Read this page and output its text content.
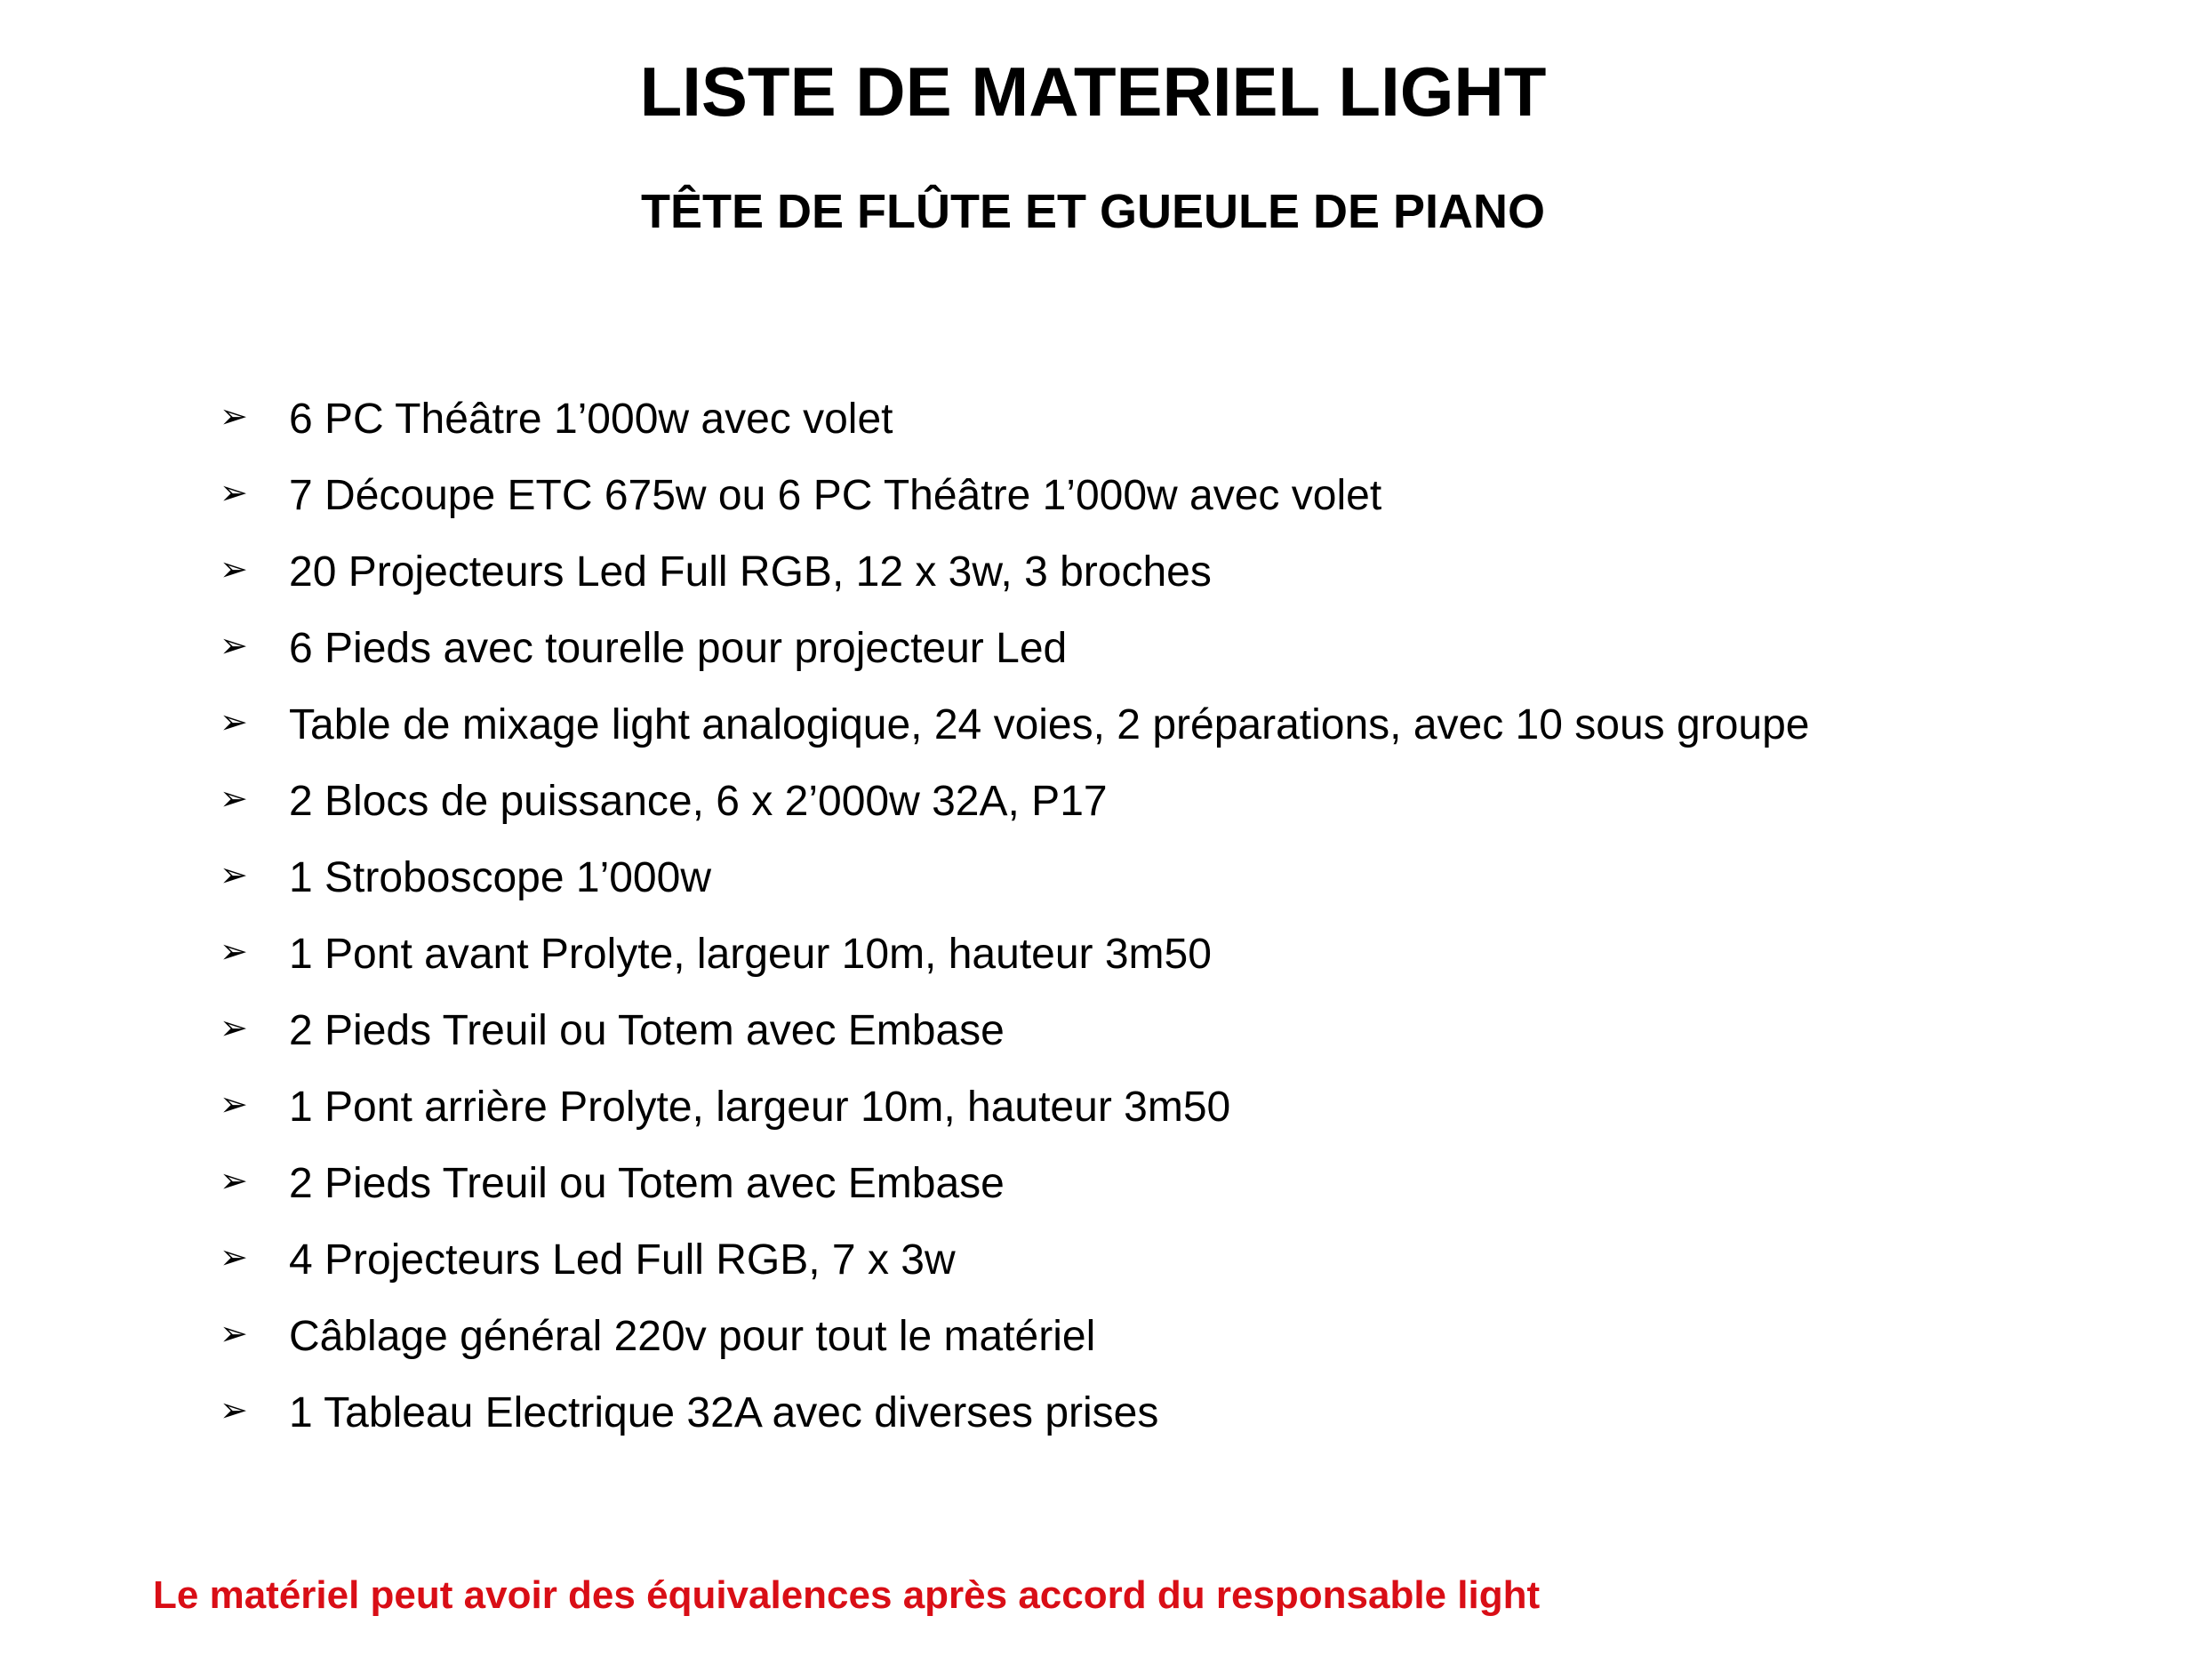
LISTE DE MATERIEL LIGHT
TÊTE DE FLÛTE ET GUEULE DE PIANO
➢ 6 PC Théâtre 1’000w avec volet
➢ 7 Découpe ETC 675w ou 6 PC Théâtre 1’000w avec volet
➢ 20 Projecteurs Led Full RGB, 12 x 3w, 3 broches
➢ 6 Pieds avec tourelle pour projecteur Led
➢ Table de mixage light analogique, 24 voies, 2 préparations, avec 10 sous groupe
➢ 2 Blocs de puissance, 6 x 2’000w 32A, P17
➢ 1 Stroboscope 1’000w
➢ 1 Pont avant Prolyte, largeur 10m, hauteur 3m50
➢ 2 Pieds Treuil ou Totem avec Embase
➢ 1 Pont arrière Prolyte, largeur 10m, hauteur 3m50
➢ 2 Pieds Treuil ou Totem avec Embase
➢ 4 Projecteurs Led Full RGB, 7 x 3w
➢ Câblage général 220v pour tout le matériel
➢ 1 Tableau Electrique 32A avec diverses prises

Le matériel peut avoir des équivalences après accord du responsable light
